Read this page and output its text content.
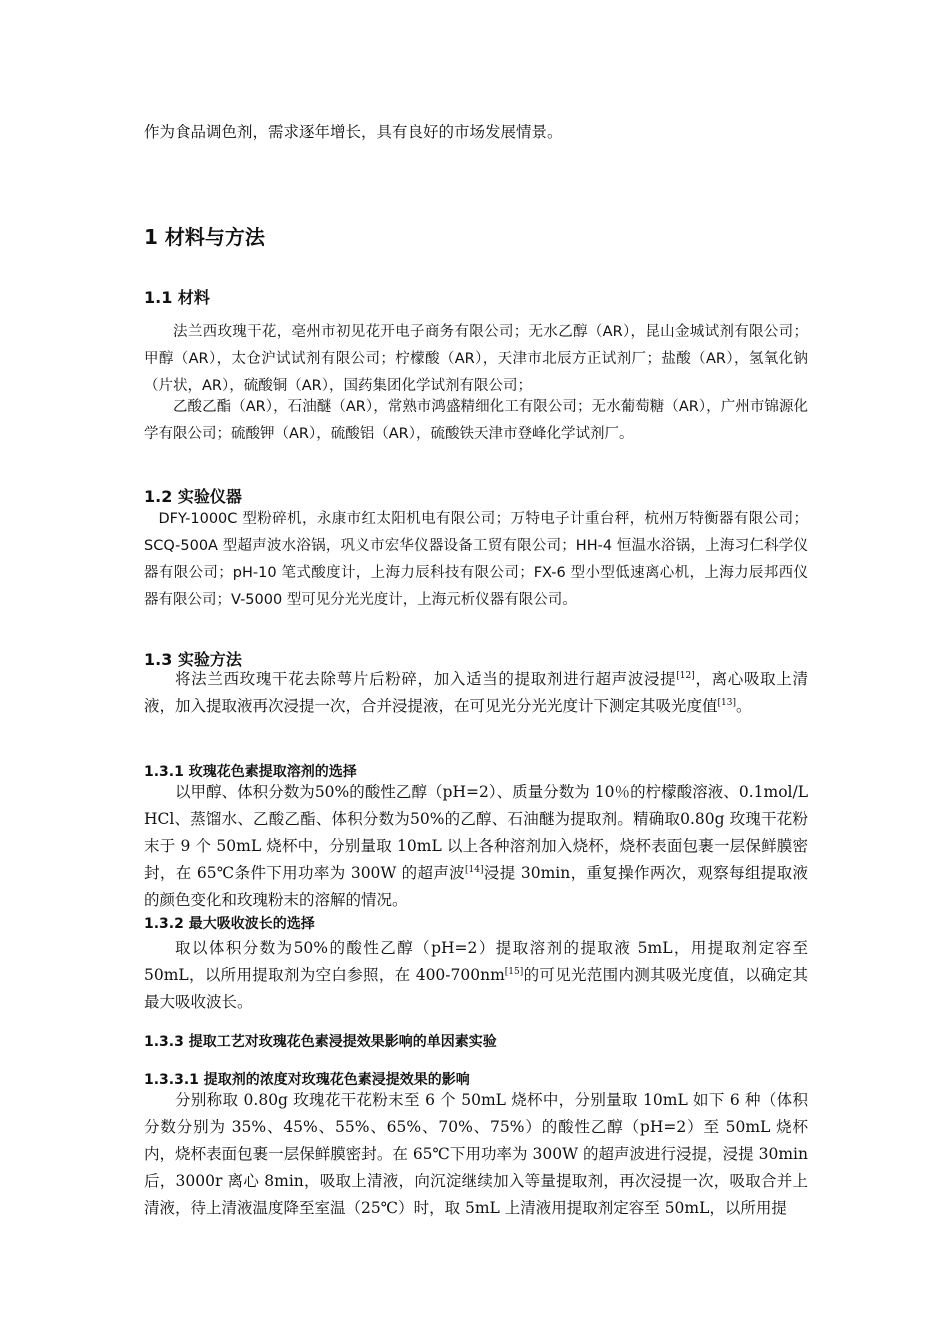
作为食品调色剂，需求逐年增长，具有良好的市场发展情景。

1 材料与方法
1.1 材料

法兰西玫瑰干花，亳州市初见花开电子商务有限公司；无水乙醇（AR），昆山金城试剂有限公司；甲醇（AR），太仓沪试试剂有限公司；柠檬酸（AR），天津市北辰方正试剂厂；盐酸（AR），氢氧化钠（片状，AR），硫酸铜（AR），国药集团化学试剂有限公司；

乙酸乙酯（AR），石油醚（AR），常熟市鸿盛精细化工有限公司；无水葡萄糖（AR），广州市锦源化学有限公司；硫酸钾（AR），硫酸铝（AR），硫酸铁天津市登峰化学试剂厂。

1.2 实验仪器

DFY-1000C 型粉碎机，永康市红太阳机电有限公司；万特电子计重台秤，杭州万特衡器有限公司；SCQ-500A 型超声波水浴锅，巩义市宏华仪器设备工贸有限公司；HH-4 恒温水浴锅，上海习仁科学仪器有限公司；pH-10 笔式酸度计，上海力辰科技有限公司；FX-6 型小型低速离心机，上海力辰邦西仪器有限公司；V-5000 型可见分光光度计，上海元析仪器有限公司。

1.3 实验方法

将法兰西玫瑰干花去除萼片后粉碎，加入适当的提取剂进行超声波浸提[12]，离心吸取上清液，加入提取液再次浸提一次，合并浸提液，在可见光分光光度计下测定其吸光度值[13]。

1.3.1 玫瑰花色素提取溶剂的选择

以甲醇、体积分数为50%的酸性乙醇（pH=2）、质量分数为 10％的柠檬酸溶液、0.1mol/L HCl、蒸馏水、乙酸乙酯、体积分数为50%的乙醇、石油醚为提取剂。精确取0.80g 玫瑰干花粉末于 9 个 50mL 烧杯中，分别量取 10mL 以上各种溶剂加入烧杯，烧杯表面包裹一层保鲜膜密封，在 65℃条件下用功率为 300W 的超声波[14]浸提 30min，重复操作两次，观察每组提取液的颜色变化和玫瑰粉末的溶解的情况。

1.3.2 最大吸收波长的选择

取以体积分数为50%的酸性乙醇（pH=2）提取溶剂的提取液 5mL，用提取剂定容至50mL，以所用提取剂为空白参照，在 400-700nm[15]的可见光范围内测其吸光度值，以确定其最大吸收波长。

1.3.3 提取工艺对玫瑰花色素浸提效果影响的单因素实验
1.3.3.1 提取剂的浓度对玫瑰花色素浸提效果的影响

分别称取 0.80g 玫瑰花干花粉末至 6 个 50mL 烧杯中，分别量取 10mL 如下 6 种（体积分数分别为 35%、45%、55%、65%、70%、75%）的酸性乙醇（pH=2）至 50mL 烧杯内，烧杯表面包裹一层保鲜膜密封。在 65℃下用功率为 300W 的超声波进行浸提，浸提 30min 后，3000r 离心 8min，吸取上清液，向沉淀继续加入等量提取剂，再次浸提一次，吸取合并上清液，待上清液温度降至室温（25℃）时，取 5mL 上清液用提取剂定容至 50mL，以所用提
